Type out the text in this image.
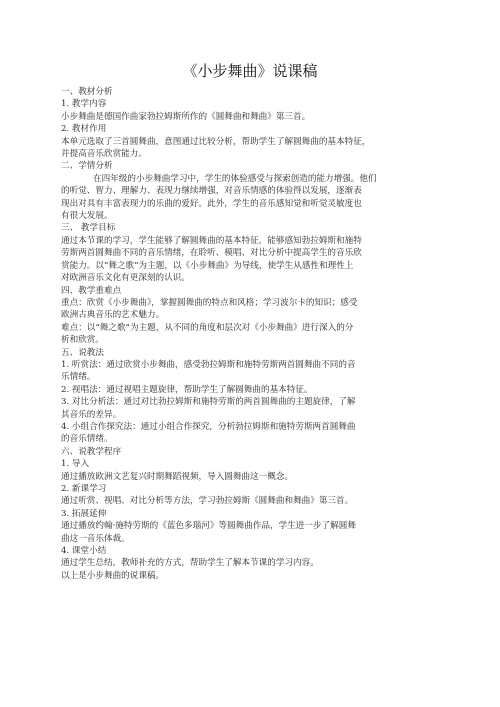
《小步舞曲》说课稿
一、教材分析
1. 教学内容
小步舞曲是德国作曲家勃拉姆斯所作的《圆舞曲和舞曲》第三首。
2. 教材作用
本单元选取了三首圆舞曲，意图通过比较分析，帮助学生了解圆舞曲的基本特征，
并提高音乐欣赏能力。
二、学情分析
在四年级的小步舞曲学习中，学生的体验感受与探索创造的能力增强。他们
的听觉、智力、理解力、表现力继续增强，对音乐情感的体验得以发展，逐渐表
现出对具有丰富表现力的乐曲的爱好。此外，学生的音乐感知觉和听觉灵敏度也
有很大发展。
三、 教学目标
通过本节课的学习，学生能够了解圆舞曲的基本特征，能够感知勃拉姆斯和施特
劳斯两首圆舞曲不同的音乐情绪，在聆听、模唱、对比分析中提高学生的音乐欣
赏能力。以“舞之歌”为主题，以《小步舞曲》为导线，使学生从感性和理性上
对欧洲音乐文化有更深刻的认识。
四、教学重难点
重点：欣赏《小步舞曲》，掌握圆舞曲的特点和风格；学习波尔卡的知识；感受
欧洲古典音乐的艺术魅力。
难点：以“舞之歌”为主题，从不同的角度和层次对《小步舞曲》进行深入的分
析和欣赏。
五、说教法
1. 听赏法：通过欣赏小步舞曲，感受勃拉姆斯和施特劳斯两首圆舞曲不同的音
乐情绪。
2. 视唱法：通过视唱主题旋律，帮助学生了解圆舞曲的基本特征。
3. 对比分析法：通过对比勃拉姆斯和施特劳斯的两首圆舞曲的主题旋律，了解
其音乐的差异。
4. 小组合作探究法：通过小组合作探究，分析勃拉姆斯和施特劳斯两首圆舞曲
的音乐情绪。
六、说教学程序
1. 导入
通过播放欧洲文艺复兴时期舞蹈视频，导入圆舞曲这一概念。
2. 新课学习
通过听赏、视唱、对比分析等方法，学习勃拉姆斯《圆舞曲和舞曲》第三首。
3. 拓展延伸
通过播放约翰·施特劳斯的《蓝色多瑙河》等圆舞曲作品，学生进一步了解圆舞
曲这一音乐体裁。
4. 课堂小结
通过学生总结，教师补充的方式，帮助学生了解本节课的学习内容。
以上是小步舞曲的说课稿。
